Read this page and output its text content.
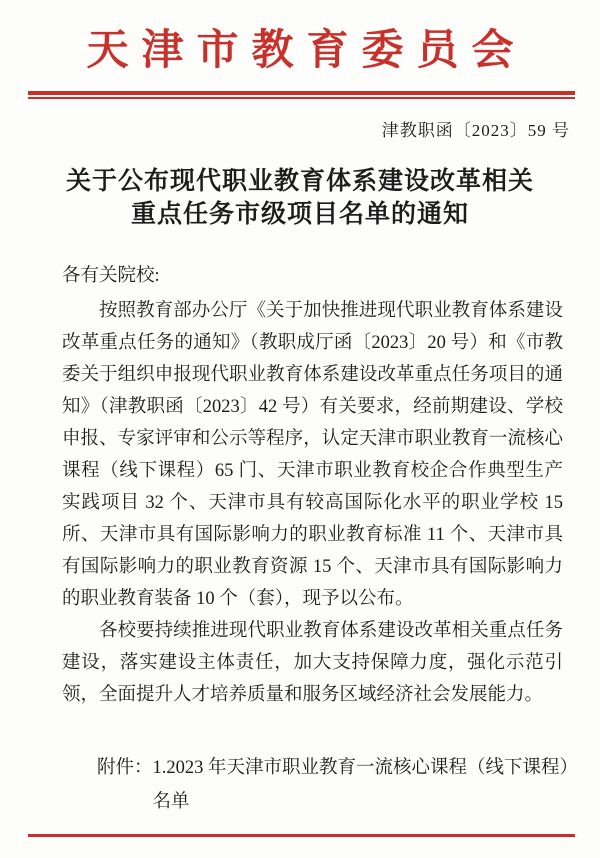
天津市教育委员会
津教职函〔2023〕59 号
关于公布现代职业教育体系建设改革相关
重点任务市级项目名单的通知
各有关院校:

按照教育部办公厅《关于加快推进现代职业教育体系建设改革重点任务的通知》（教职成厅函〔2023〕20 号）和《市教委关于组织申报现代职业教育体系建设改革重点任务项目的通知》（津教职函〔2023〕42 号）有关要求，经前期建设、学校申报、专家评审和公示等程序，认定天津市职业教育一流核心课程（线下课程）65 门、天津市职业教育校企合作典型生产实践项目 32 个、天津市具有较高国际化水平的职业学校 15 所、天津市具有国际影响力的职业教育标准 11 个、天津市具有国际影响力的职业教育资源 15 个、天津市具有国际影响力的职业教育装备 10 个（套），现予以公布。

各校要持续推进现代职业教育体系建设改革相关重点任务建设，落实建设主体责任，加大支持保障力度，强化示范引领，全面提升人才培养质量和服务区域经济社会发展能力。

附件： 1.2023 年天津市职业教育一流核心课程（线下课程）
名单
